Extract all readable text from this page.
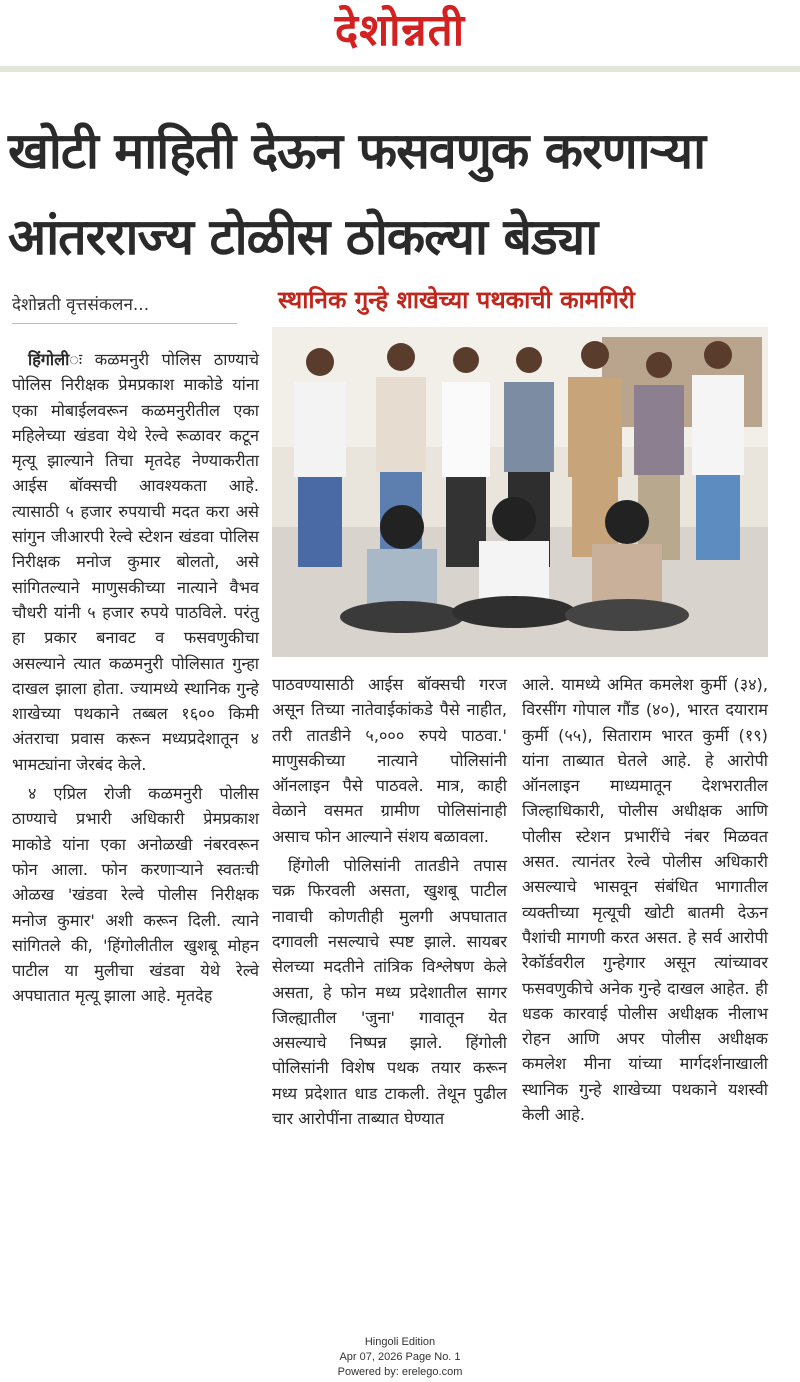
देशोन्नती
खोटी माहिती देऊन फसवणुक करणाऱ्या
आंतरराज्य टोळीस ठोकल्या बेड्या
देशोन्नती वृत्तसंकलन...	स्थानिक गुन्हे शाखेच्या पथकाची कामगिरी

हिंगोलीः कळमनुरी पोलिस ठाण्याचे पोलिस निरीक्षक प्रेमप्रकाश माकोडे यांना एका मोबाईलवरून कळमनुरीतील एका महिलेच्या खंडवा येथे रेल्वे रूळावर कटून मृत्यू झाल्याने तिचा मृतदेह नेण्याकरीता आईस बॉक्सची आवश्यकता आहे. त्यासाठी ५ हजार रुपयाची मदत करा असे सांगुन जीआरपी रेल्वे स्टेशन खंडवा पोलिस निरीक्षक मनोज कुमार बोलतो, असे सांगितल्याने माणुसकीच्या नात्याने वैभव चौधरी यांनी ५ हजार रुपये पाठविले. परंतु हा प्रकार बनावट व फसवणुकीचा असल्याने त्यात कळमनुरी पोलिसात गुन्हा दाखल झाला होता. ज्यामध्ये स्थानिक गुन्हे शाखेच्या पथकाने तब्बल १६०० किमी अंतराचा प्रवास करून मध्यप्रदेशातून ४ भामट्यांना जेरबंद केले.

४ एप्रिल रोजी कळमनुरी पोलीस ठाण्याचे प्रभारी अधिकारी प्रेमप्रकाश माकोडे यांना एका अनोळखी नंबरवरून फोन आला. फोन करणाऱ्याने स्वतःची ओळख 'खंडवा रेल्वे पोलीस निरीक्षक मनोज कुमार' अशी करून दिली. त्याने सांगितले की, 'हिंगोलीतील खुशबू मोहन पाटील या मुलीचा खंडवा येथे रेल्वे अपघातात मृत्यू झाला आहे. मृतदेह

पाठवण्यासाठी आईस बॉक्सची गरज असून तिच्या नातेवाईकांकडे पैसे नाहीत, तरी तातडीने ५,००० रुपये पाठवा.' माणुसकीच्या नात्याने पोलिसांनी ऑनलाइन पैसे पाठवले. मात्र, काही वेळाने वसमत ग्रामीण पोलिसांनाही असाच फोन आल्याने संशय बळावला.

हिंगोली पोलिसांनी तातडीने तपास चक्र फिरवली असता, खुशबू पाटील नावाची कोणतीही मुलगी अपघातात दगावली नसल्याचे स्पष्ट झाले. सायबर सेलच्या मदतीने तांत्रिक विश्लेषण केले असता, हे फोन मध्य प्रदेशातील सागर जिल्ह्यातील 'जुना' गावातून येत असल्याचे निष्पन्न झाले. हिंगोली पोलिसांनी विशेष पथक तयार करून मध्य प्रदेशात धाड टाकली. तेथून पुढील चार आरोपींना ताब्यात घेण्यात

आले. यामध्ये अमित कमलेश कुर्मी (३४), विरसींग गोपाल गौंड (४०), भारत दयाराम कुर्मी (५५), सिताराम भारत कुर्मी (१९) यांना ताब्यात घेतले आहे. हे आरोपी ऑनलाइन माध्यमातून देशभरातील जिल्हाधिकारी, पोलीस अधीक्षक आणि पोलीस स्टेशन प्रभारींचे नंबर मिळवत असत. त्यानंतर रेल्वे पोलीस अधिकारी असल्याचे भासवून संबंधित भागातील व्यक्तीच्या मृत्यूची खोटी बातमी देऊन पैशांची मागणी करत असत. हे सर्व आरोपी रेकॉर्डवरील गुन्हेगार असून त्यांच्यावर फसवणुकीचे अनेक गुन्हे दाखल आहेत. ही धडक कारवाई पोलीस अधीक्षक नीलाभ रोहन आणि अपर पोलीस अधीक्षक कमलेश मीना यांच्या मार्गदर्शनाखाली स्थानिक गुन्हे शाखेच्या पथकाने यशस्वी केली आहे.

Hingoli Edition
Apr 07, 2026 Page No. 1
Powered by: erelego.com
